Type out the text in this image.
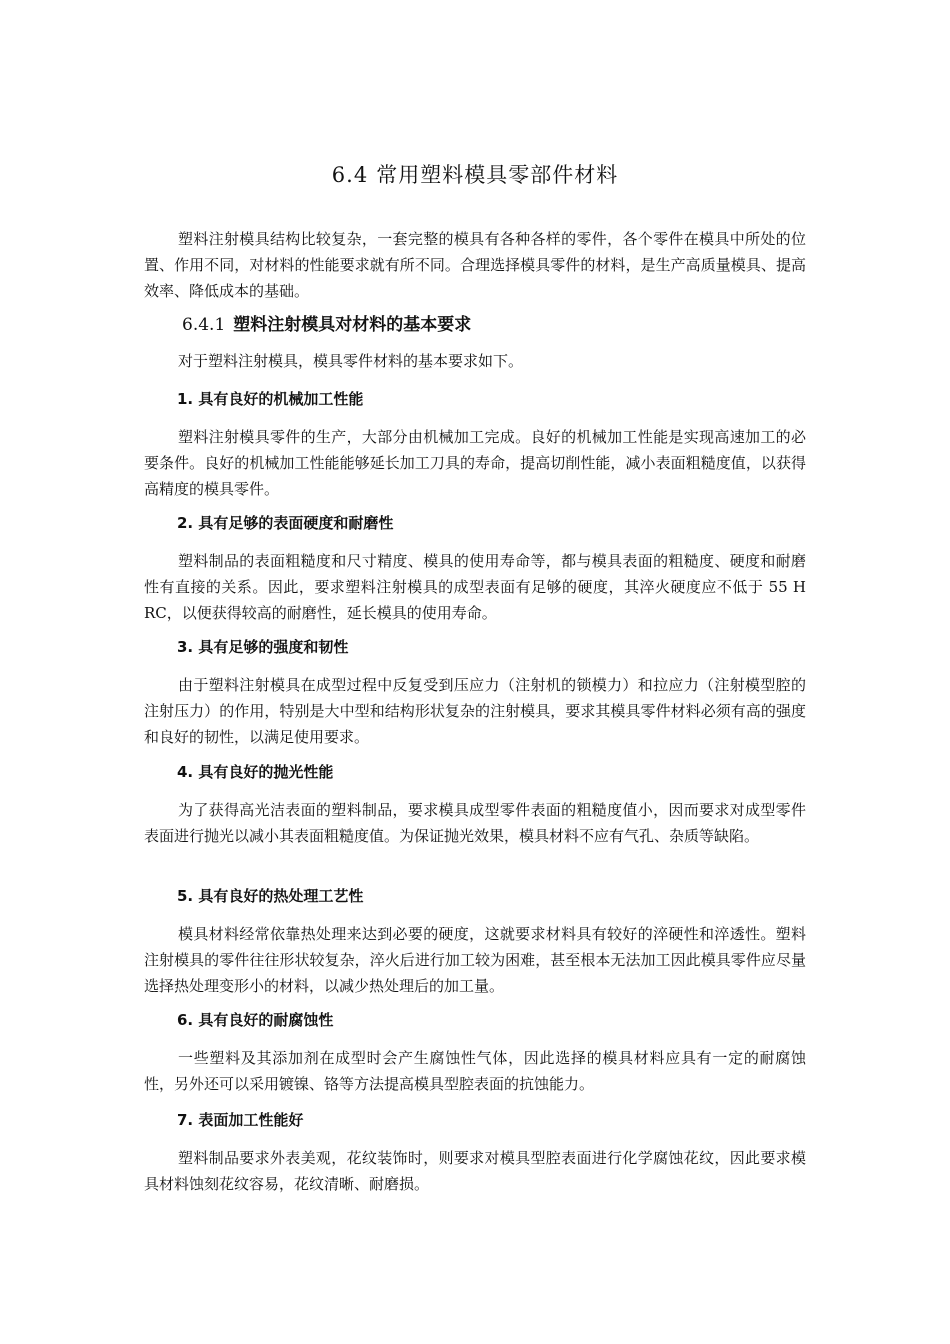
6.4 常用塑料模具零部件材料

塑料注射模具结构比较复杂，一套完整的模具有各种各样的零件，各个零件在模具中所处的位置、作用不同，对材料的性能要求就有所不同。合理选择模具零件的材料，是生产高质量模具、提高效率、降低成本的基础。

6.4.1 塑料注射模具对材料的基本要求

对于塑料注射模具，模具零件材料的基本要求如下。

1. 具有良好的机械加工性能

塑料注射模具零件的生产，大部分由机械加工完成。良好的机械加工性能是实现高速加工的必要条件。良好的机械加工性能能够延长加工刀具的寿命，提高切削性能，减小表面粗糙度值，以获得高精度的模具零件。

2. 具有足够的表面硬度和耐磨性

塑料制品的表面粗糙度和尺寸精度、模具的使用寿命等，都与模具表面的粗糙度、硬度和耐磨性有直接的关系。因此，要求塑料注射模具的成型表面有足够的硬度，其淬火硬度应不低于 55 H RC，以便获得较高的耐磨性，延长模具的使用寿命。

3. 具有足够的强度和韧性

由于塑料注射模具在成型过程中反复受到压应力（注射机的锁模力）和拉应力（注射模型腔的注射压力）的作用，特别是大中型和结构形状复杂的注射模具，要求其模具零件材料必须有高的强度和良好的韧性，以满足使用要求。

4. 具有良好的抛光性能

为了获得高光洁表面的塑料制品，要求模具成型零件表面的粗糙度值小，因而要求对成型零件表面进行抛光以减小其表面粗糙度值。为保证抛光效果，模具材料不应有气孔、杂质等缺陷。

5. 具有良好的热处理工艺性

模具材料经常依靠热处理来达到必要的硬度，这就要求材料具有较好的淬硬性和淬透性。塑料注射模具的零件往往形状较复杂，淬火后进行加工较为困难，甚至根本无法加工因此模具零件应尽量选择热处理变形小的材料，以减少热处理后的加工量。

6. 具有良好的耐腐蚀性

一些塑料及其添加剂在成型时会产生腐蚀性气体，因此选择的模具材料应具有一定的耐腐蚀性，另外还可以采用镀镍、铬等方法提高模具型腔表面的抗蚀能力。

7. 表面加工性能好

塑料制品要求外表美观，花纹装饰时，则要求对模具型腔表面进行化学腐蚀花纹，因此要求模具材料蚀刻花纹容易，花纹清晰、耐磨损。
